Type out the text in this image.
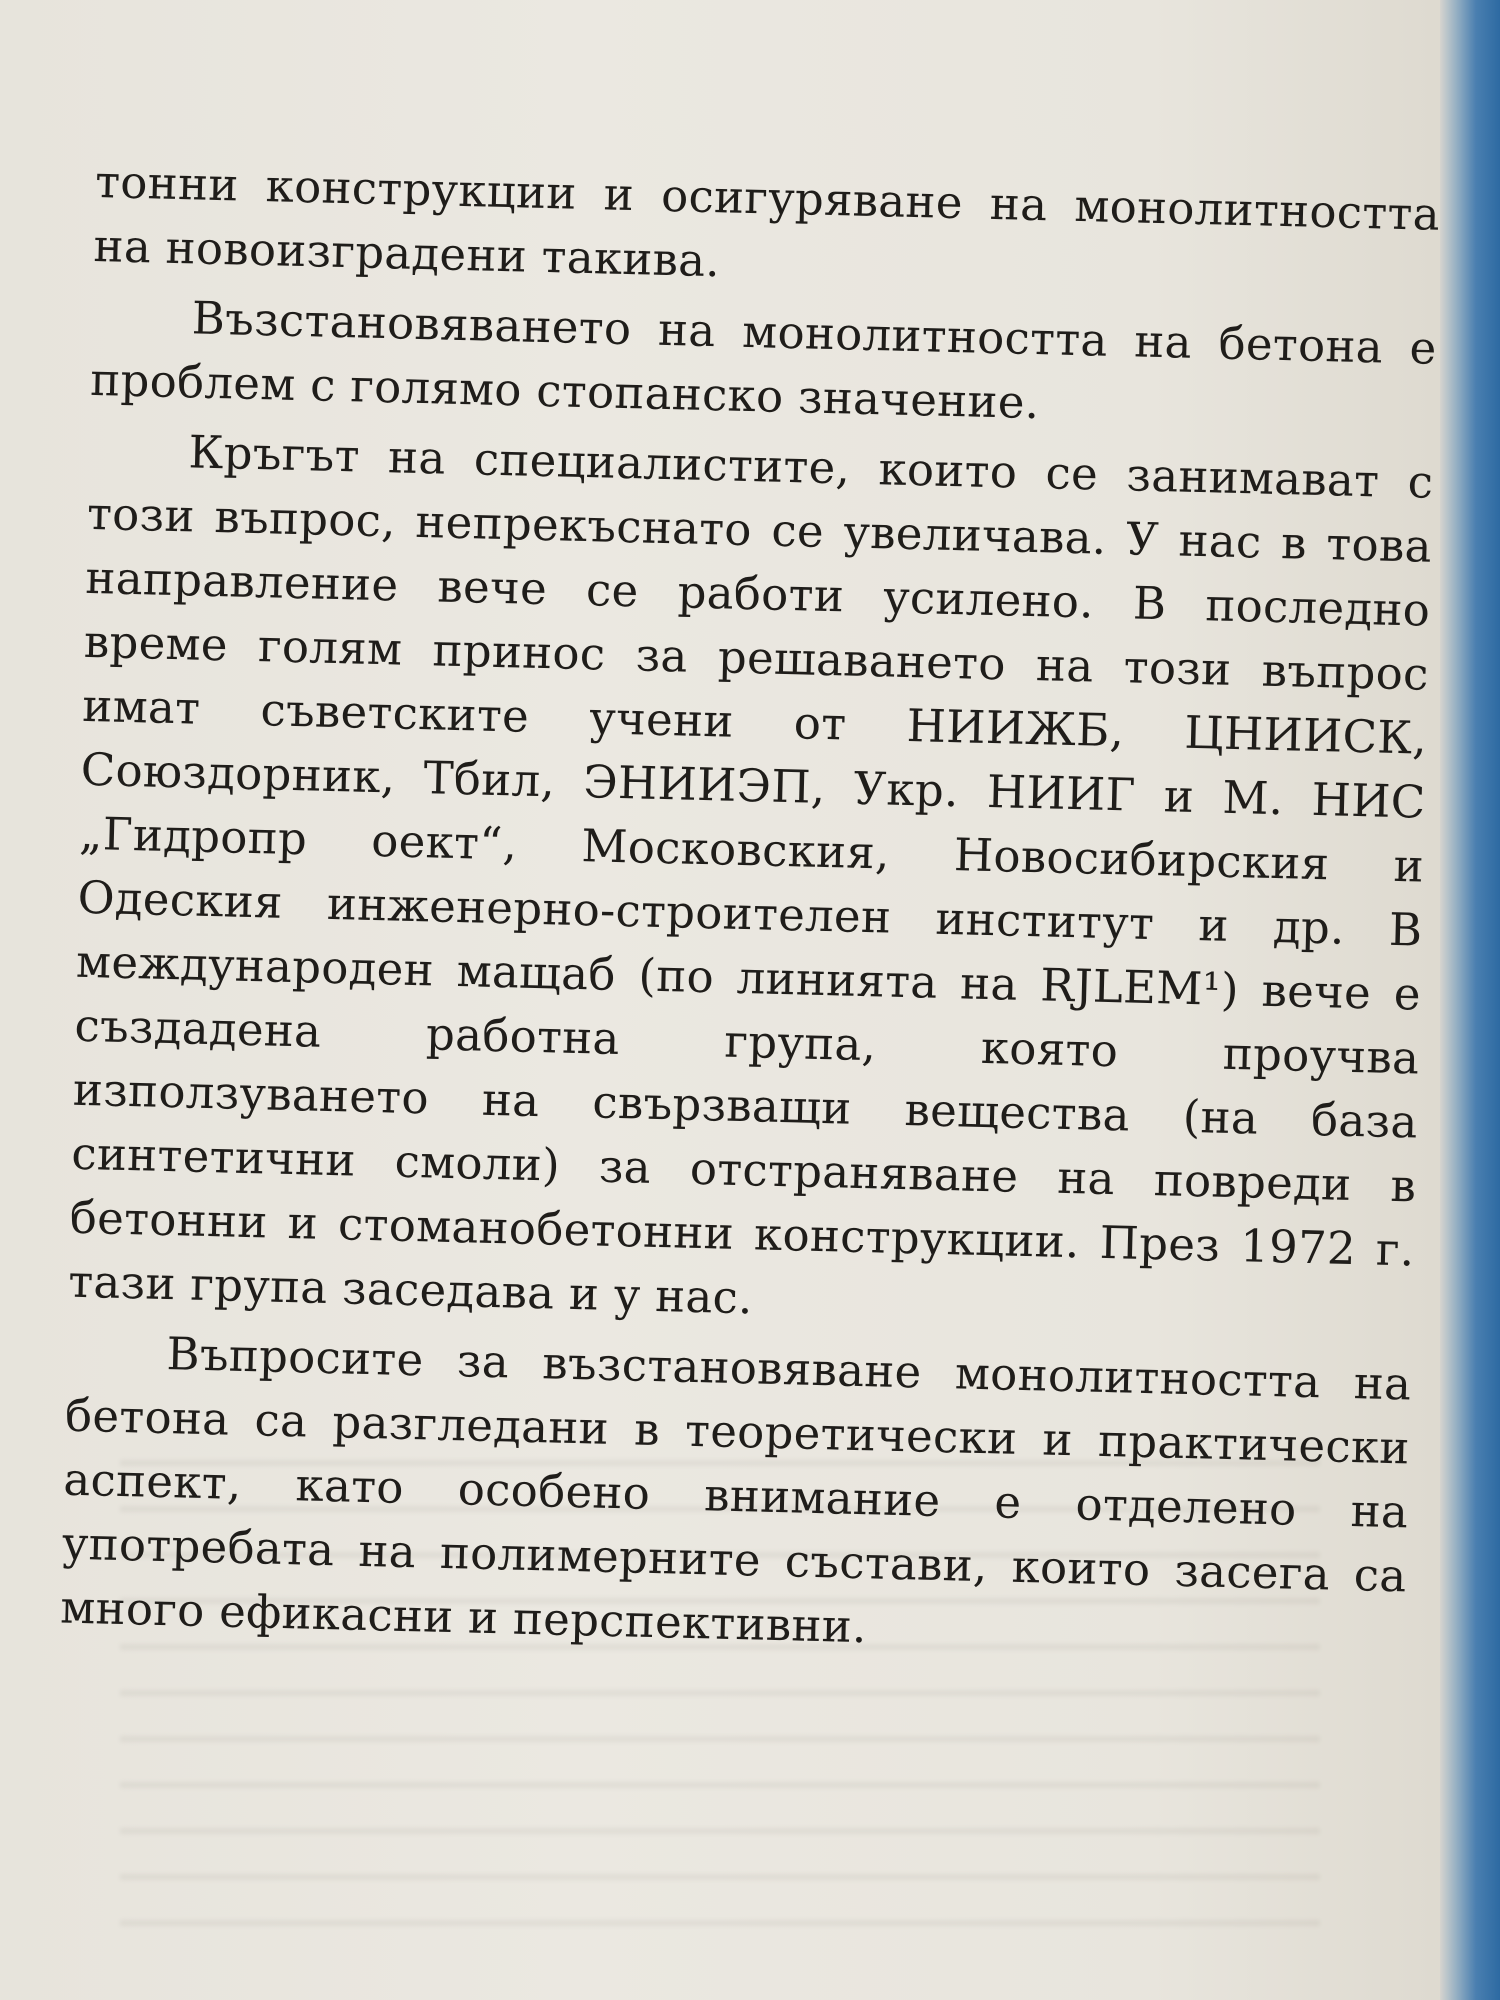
тонни конструкции и осигуряване на монолитността на новоизградени такива.

Възстановяването на монолитността на бетона е проблем с голямо стопанско значение.

Кръгът на специалистите, които се занимават с този въпрос, непрекъснато се увеличава. У нас в това направление вече се работи усилено. В последно време голям принос за решаването на този въпрос имат съветските учени от НИИЖБ, ЦНИИСК, Союздорник, Тбил, ЭНИИЭП, Укр. НИИГ и М. НИС „Гидропр оект“, Московския, Новосибирския и Одеския инженерно-строителен институт и др. В международен мащаб (по линията на RJLEM¹) вече е създадена работна група, която проучва използуването на свързващи вещества (на база синтетични смоли) за отстраняване на повреди в бетонни и стоманобетонни конструкции. През 1972 г. тази група заседава и у нас.

Въпросите за възстановяване монолитността на бетона са разгледани в теоретически и практически аспект, като особено внимание е отделено на употребата на полимерните състави, които засега са много ефикасни и перспективни.
